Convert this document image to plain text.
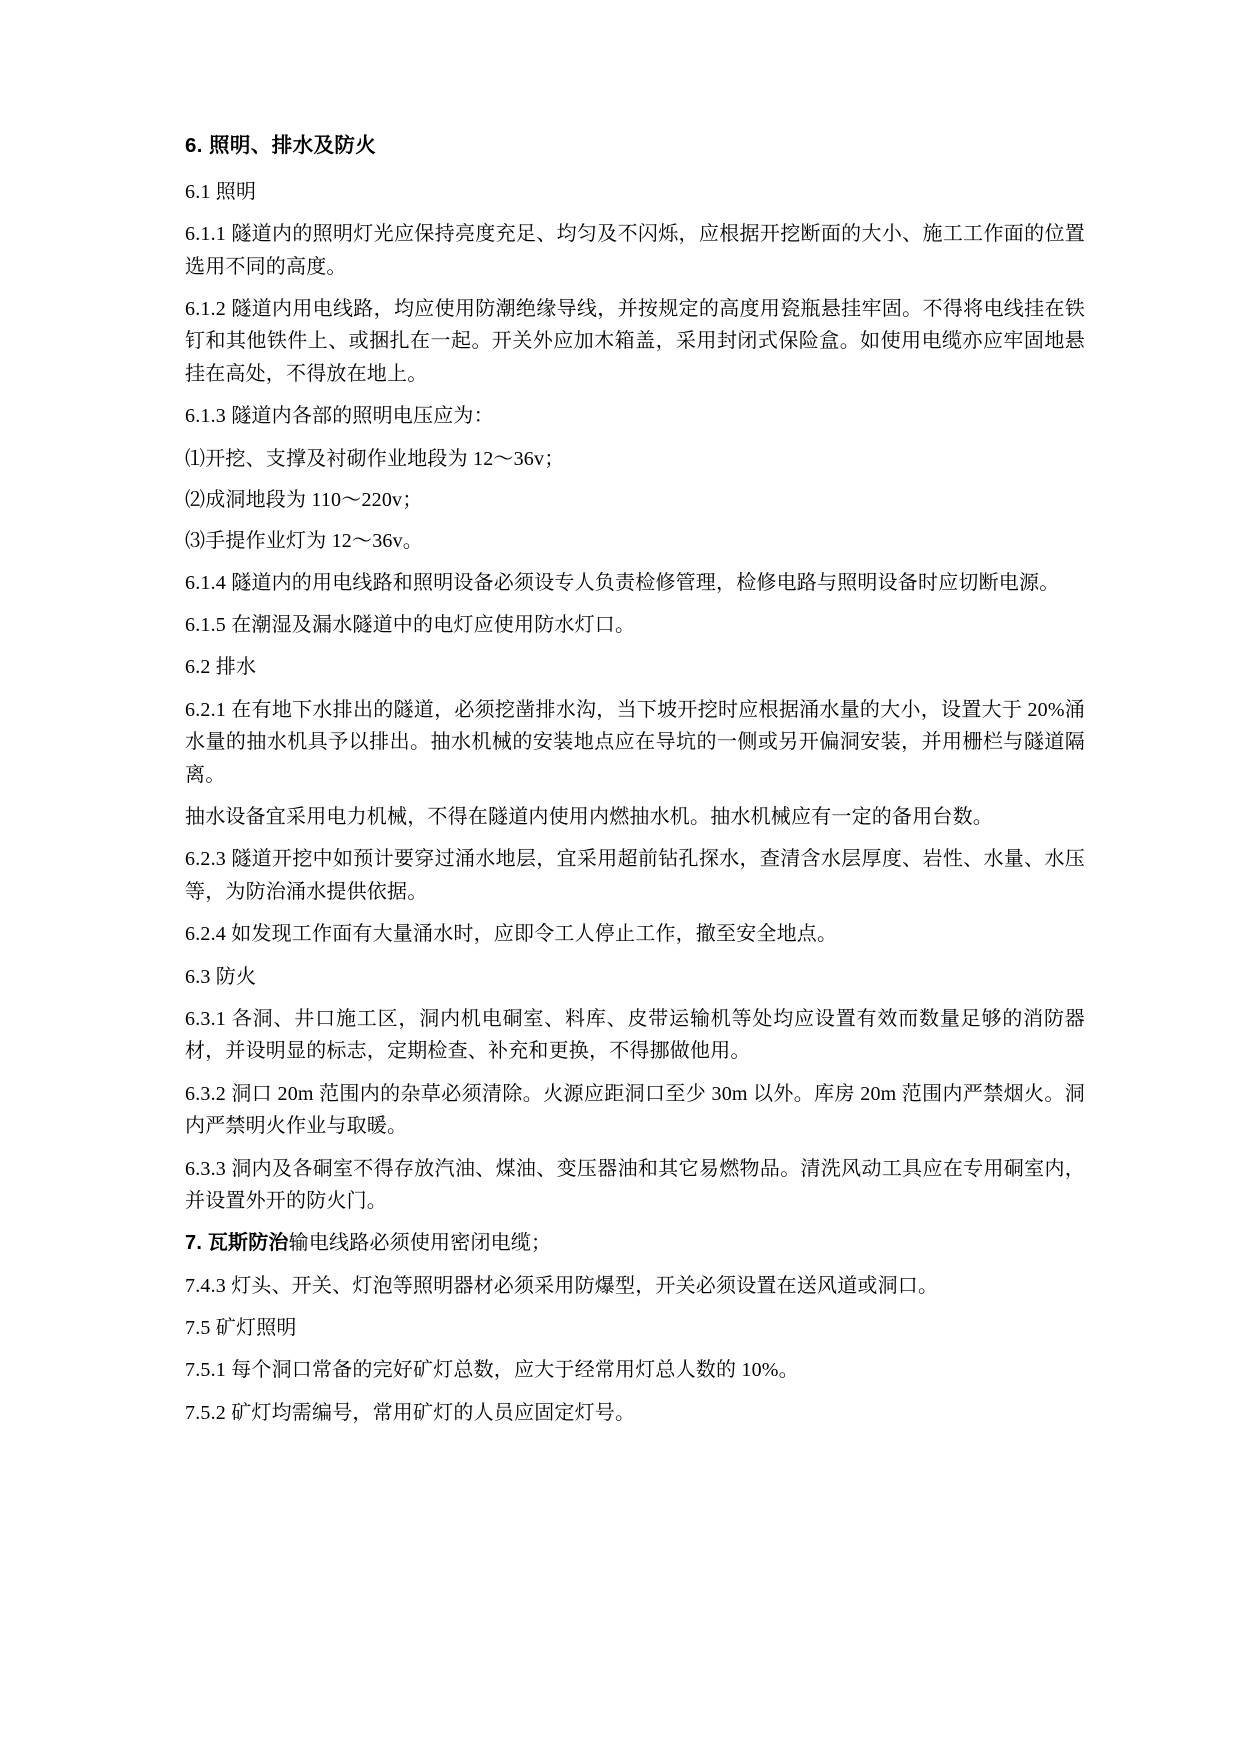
6. 照明、排水及防火

6.1 照明

6.1.1 隧道内的照明灯光应保持亮度充足、均匀及不闪烁，应根据开挖断面的大小、施工工作面的位置选用不同的高度。

6.1.2 隧道内用电线路，均应使用防潮绝缘导线，并按规定的高度用瓷瓶悬挂牢固。不得将电线挂在铁钉和其他铁件上、或捆扎在一起。开关外应加木箱盖，采用封闭式保险盒。如使用电缆亦应牢固地悬挂在高处，不得放在地上。

6.1.3 隧道内各部的照明电压应为：

⑴开挖、支撑及衬砌作业地段为 12～36v；

⑵成洞地段为 110～220v；

⑶手提作业灯为 12～36v。

6.1.4 隧道内的用电线路和照明设备必须设专人负责检修管理，检修电路与照明设备时应切断电源。

6.1.5 在潮湿及漏水隧道中的电灯应使用防水灯口。

6.2 排水

6.2.1 在有地下水排出的隧道，必须挖凿排水沟，当下坡开挖时应根据涌水量的大小，设置大于 20%涌水量的抽水机具予以排出。抽水机械的安装地点应在导坑的一侧或另开偏洞安装，并用栅栏与隧道隔离。

抽水设备宜采用电力机械，不得在隧道内使用内燃抽水机。抽水机械应有一定的备用台数。

6.2.3 隧道开挖中如预计要穿过涌水地层，宜采用超前钻孔探水，查清含水层厚度、岩性、水量、水压等，为防治涌水提供依据。

6.2.4 如发现工作面有大量涌水时，应即令工人停止工作，撤至安全地点。

6.3 防火

6.3.1 各洞、井口施工区，洞内机电硐室、料库、皮带运输机等处均应设置有效而数量足够的消防器材，并设明显的标志，定期检查、补充和更换，不得挪做他用。

6.3.2 洞口 20m 范围内的杂草必须清除。火源应距洞口至少 30m 以外。库房 20m 范围内严禁烟火。洞内严禁明火作业与取暖。

6.3.3 洞内及各硐室不得存放汽油、煤油、变压器油和其它易燃物品。清洗风动工具应在专用硐室内，并设置外开的防火门。

7. 瓦斯防治输电线路必须使用密闭电缆；

7.4.3 灯头、开关、灯泡等照明器材必须采用防爆型，开关必须设置在送风道或洞口。

7.5 矿灯照明

7.5.1 每个洞口常备的完好矿灯总数，应大于经常用灯总人数的 10%。

7.5.2 矿灯均需编号，常用矿灯的人员应固定灯号。
